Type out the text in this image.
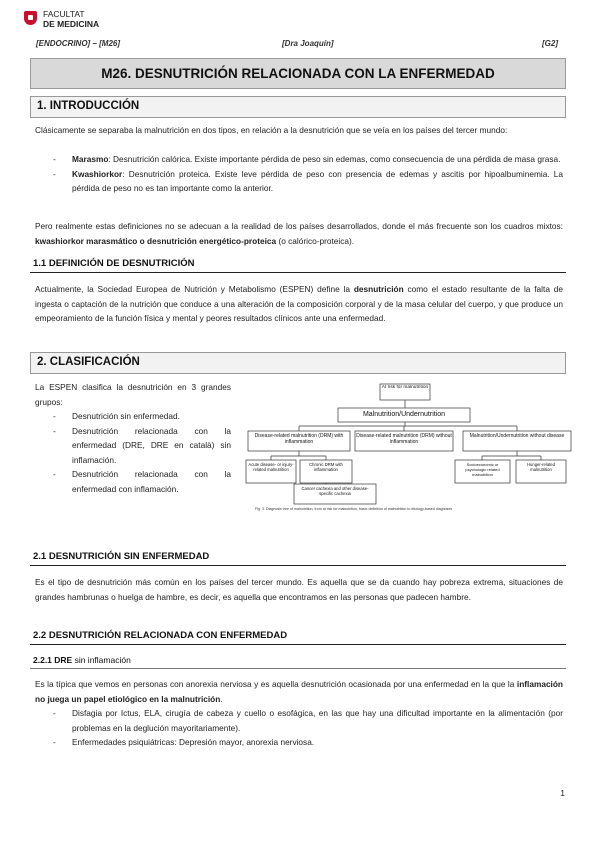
FACULTAT
DE MEDICINA
[ENDOCRINO] – [M26]	[Dra Joaquín]	[G2]
M26. DESNUTRICIÓN RELACIONADA CON LA ENFERMEDAD
1. INTRODUCCIÓN

Clásicamente se separaba la malnutrición en dos tipos, en relación a la desnutrición que se veía en los países del tercer mundo:

- Marasmo: Desnutrición calórica. Existe importante pérdida de peso sin edemas, como consecuencia de una pérdida de masa grasa.
- Kwashiorkor: Desnutrición proteica. Existe leve pérdida de peso con presencia de edemas y ascitis por hipoalbuminemia. La pérdida de peso no es tan importante como la anterior.

Pero realmente estas definiciones no se adecuan a la realidad de los países desarrollados, donde el más frecuente son los cuadros mixtos: kwashiorkor marasmático o desnutrición energético-proteica (o calórico-proteica).

1.1 DEFINICIÓN DE DESNUTRICIÓN

Actualmente, la Sociedad Europea de Nutrición y Metabolismo (ESPEN) define la desnutrición como el estado resultante de la falta de ingesta o captación de la nutrición que conduce a una alteración de la composición corporal y de la masa celular del cuerpo, y que produce un empeoramiento de la función física y mental y peores resultados clínicos ante una enfermedad.

2. CLASIFICACIÓN

La ESPEN clasifica la desnutrición en 3 grandes grupos:

- Desnutrición sin enfermedad.
- Desnutrición relacionada con la enfermedad (DRE, DRE en català) sin inflamación.
- Desnutrición relacionada con la enfermedad con inflamación.
At risk for malnutrition
Malnutrition/Undernutrition
Disease-related malnutrition (DRM) with inflammation
Disease-related malnutrition (DRM) without inflammation
Malnutrition/Undernutrition without disease
Acute disease- or injury-related malnutrition
Chronic DRM with inflammation
Socioeconomic or psychologic related malnutrition
Hunger-related malnutrition
Cancer cachexia and other disease-specific cachexia
Fig. 3. Diagnosis tree of malnutrition; from at risk for malnutrition, basic definition of malnutrition to etiology-based diagnoses
2.1 DESNUTRICIÓN SIN ENFERMEDAD

Es el tipo de desnutrición más común en los países del tercer mundo. Es aquella que se da cuando hay pobreza extrema, situaciones de grandes hambrunas o huelga de hambre, es decir, es aquella que encontramos en las personas que padecen hambre.

2.2 DESNUTRICIÓN RELACIONADA CON ENFERMEDAD
2.2.1 DRE sin inflamación

Es la típica que vemos en personas con anorexia nerviosa y es aquella desnutrición ocasionada por una enfermedad en la que la inflamación no juega un papel etiológico en la malnutrición.

- Disfagia por Ictus, ELA, cirugía de cabeza y cuello o esofágica, en las que hay una dificultad importante en la alimentación (por problemas en la deglución mayoritariamente).
- Enfermedades psiquiátricas: Depresión mayor, anorexia nerviosa.
1
